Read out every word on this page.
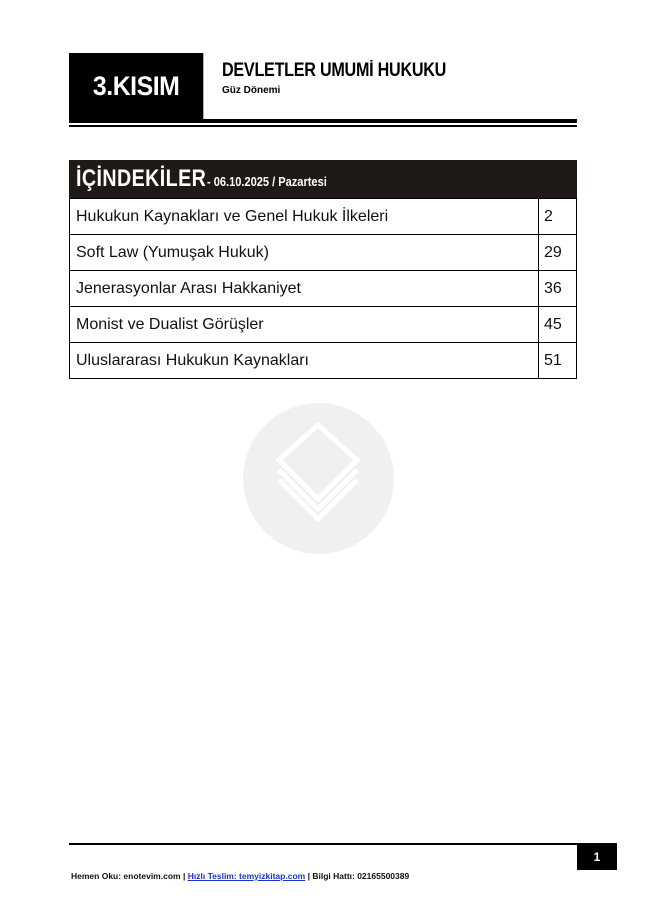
3.KISIM DEVLETLER UMUMİ HUKUKU
Güz Dönemi
İÇİNDEKİLER - 06.10.2025 / Pazartesi
Hukukun Kaynakları ve Genel Hukuk İlkeleri	2
Soft Law (Yumuşak Hukuk)	29
Jenerasyonlar Arası Hakkaniyet	36
Monist ve Dualist Görüşler	45
Uluslararası Hukukun Kaynakları	51
1
Hemen Oku: enotevim.com | Hızlı Teslim: temyizkitap.com | Bilgi Hattı: 02165500389
